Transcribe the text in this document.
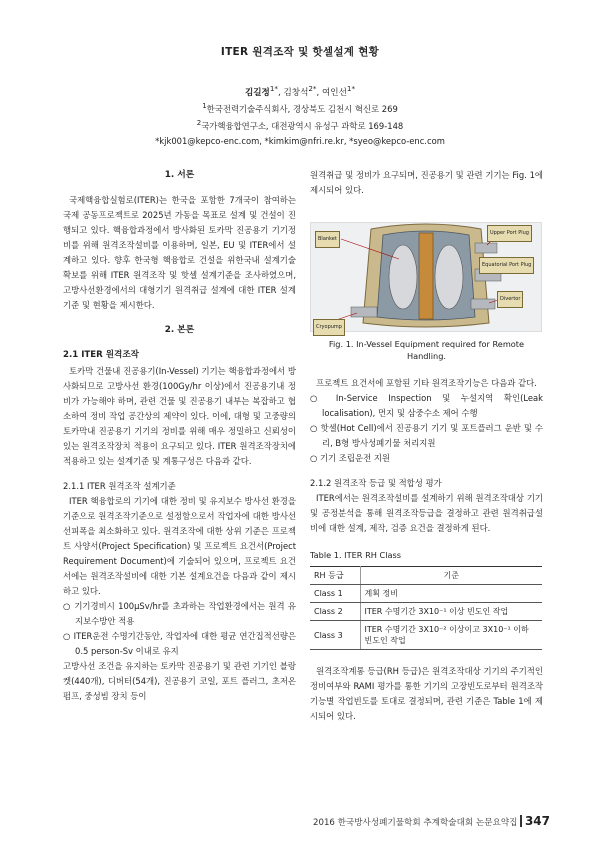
ITER 원격조작 및 핫셀설계 현황
김길정$^{1*}$, 김창석$^{2*}$, 여인선$^{1*}$
$^1$한국전력기술주식회사, 경상북도 김천시 혁신로 269
$^2$국가핵융합연구소, 대전광역시 유성구 과학로 169-148
*kjk001@kepco-enc.com, *kimkim@nfri.re.kr, *syeo@kepco-enc.com
1. 서론

국제핵융합실험로(ITER)는 한국을 포함한 7개국이 참여하는 국제 공동프로젝트로 2025년 가동을 목표로 설계 및 건설이 진행되고 있다. 핵융합과정에서 방사화된 토카막 진공용기 기기정비를 위해 원격조작설비를 이용하며, 일본, EU 및 ITER에서 설계하고 있다. 향후 한국형 핵융합로 건설을 위한국내 설계기술 확보를 위해 ITER 원격조작 및 핫셀 설계기준을 조사하였으며, 고방사선환경에서의 대형기기 원격취급 설계에 대한 ITER 설계기준 및 현황을 제시한다.

2. 본론
2.1 ITER 원격조작

토카막 건물내 진공용기(In-Vessel) 기기는 핵융합과정에서 방사화되므로 고방사선 환경(100Gy/hr 이상)에서 진공용기내 정비가 가능해야 하며, 관련 건물 및 진공용기 내부는 복잡하고 협소하여 정비 작업 공간상의 제약이 있다. 이에, 대형 및 고중량의 토카막내 진공용기 기기의 정비를 위해 매우 정밀하고 신뢰성이 있는 원격조작장치 적용이 요구되고 있다. ITER 원격조작장치에 적용하고 있는 설계기준 및 계통구성은 다음과 같다.

2.1.1 ITER 원격조작 설계기준

ITER 핵융합로의 기기에 대한 정비 및 유지보수 방사선 환경을 기준으로 원격조작기준으로 설정함으로서 작업자에 대한 방사선선피폭을 최소화하고 있다. 원격조작에 대한 상위 기준은 프로젝트 사양서(Project Specification) 및 프로젝트 요건서(Project Requirement Document)에 기술되어 있으며, 프로젝트 요건서에는 원격조작설비에 대한 기본 설계요건을 다음과 같이 제시하고 있다.

○ 기기경비시 100µSv/hr를 초과하는 작업환경에서는 원격 유지보수방안 적용

○ ITER운전 수명기간동안, 작업자에 대한 평균 연간집적선량은 0.5 person-Sv 이내로 유지

고방사선 조건을 유지하는 토카막 진공용기 및 관련 기기인 블랑켓(440개), 디버터(54개), 진공용기 코일, 포트 플러그, 초저온펌프, 중성빔 장치 등이

원격취급 및 정비가 요구되며, 진공용기 및 관련 기기는 Fig. 1에 제시되어 있다.

Blanket
Upper Port Plug
Equatorial Port Plug
Divertor
Cryopump
Fig. 1. In-Vessel Equipment required for Remote Handling.

프로젝트 요건서에 포함된 기타 원격조작기능은 다음과 같다.

○ In-Service Inspection 및 누설지역 확인(Leak localisation), 먼지 및 삼중수소 제어 수행

○ 핫셀(Hot Cell)에서 진공용기 기기 및 포트플러그 운반 및 수리, B형 방사성폐기물 처리지원

○ 기기 조립운전 지원

2.1.2 원격조작 등급 및 적합성 평가

ITER에서는 원격조작설비를 설계하기 위해 원격조작대상 기기 및 공정분석을 통해 원격조작등급을 결정하고 관련 원격취급설비에 대한 설계, 제작, 검증 요건을 결정하게 된다.

Table 1. ITER RH Class
RH 등급	기준
Class 1	계획 정비
Class 2	ITER 수명기간 3X10⁻¹ 이상 빈도인 작업
Class 3	ITER 수명기간 3X10⁻² 이상이고 3X10⁻¹ 이하 빈도인 작업

원격조작계통 등급(RH 등급)은 원격조작대상 기기의 주기적인 정비여부와 RAMI 평가를 통한 기기의 고장빈도로부터 원격조작기능별 작업빈도를 토대로 결정되며, 관련 기준은 Table 1에 제시되어 있다.

2016 한국방사성폐기물학회 추계학술대회 논문요약집 347
